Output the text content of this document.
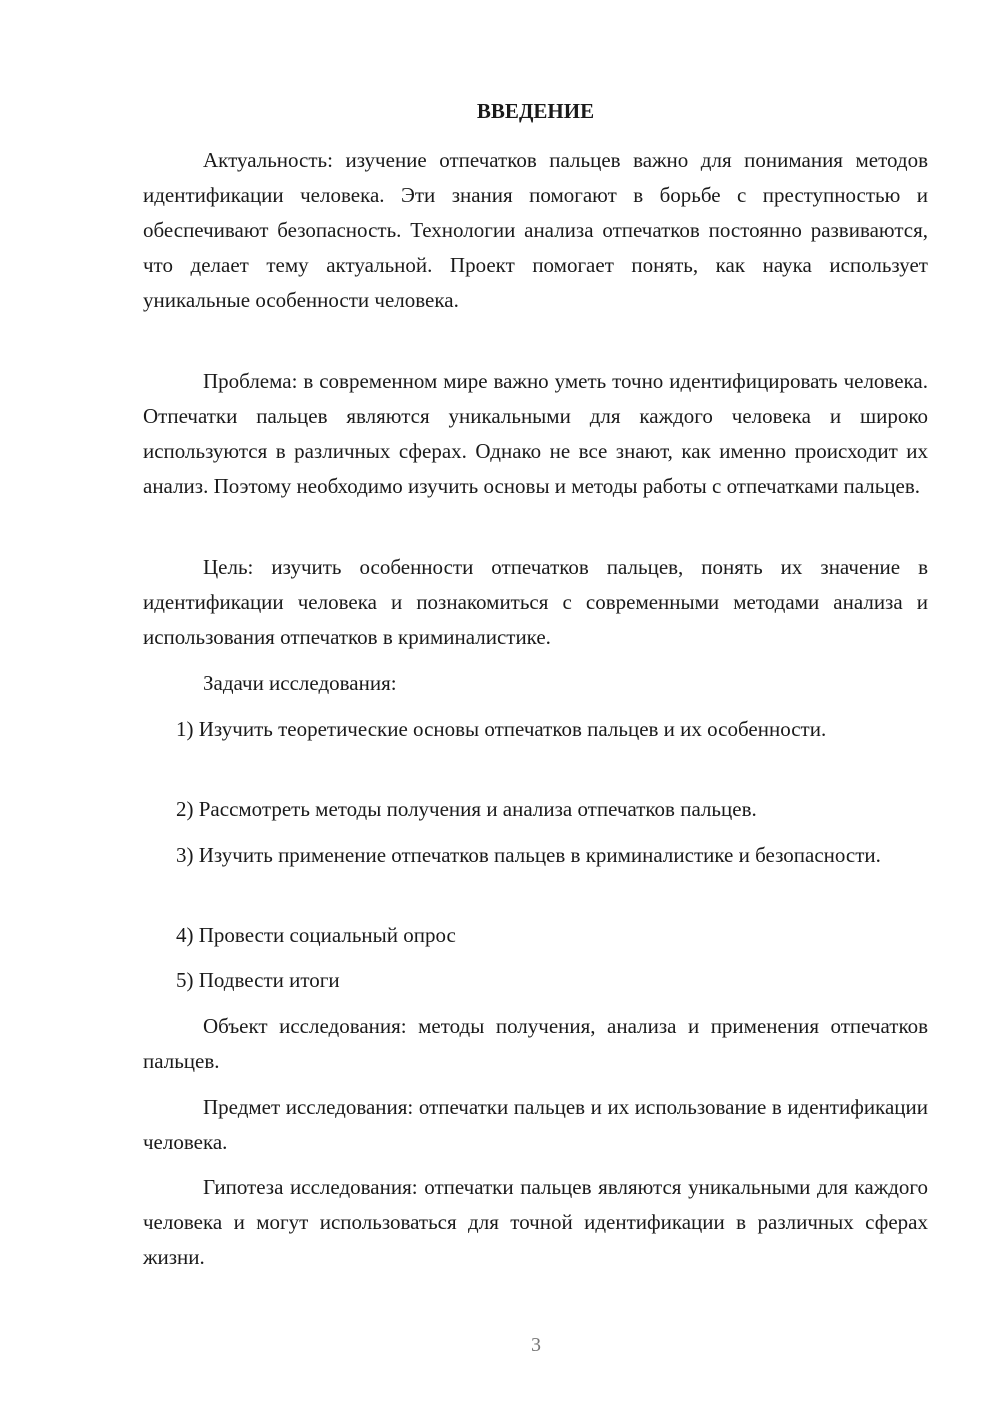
ВВЕДЕНИЕ

Актуальность: изучение отпечатков пальцев важно для понимания методов идентификации человека. Эти знания помогают в борьбе с преступностью и обеспечивают безопасность. Технологии анализа отпечатков постоянно развиваются, что делает тему актуальной. Проект помогает понять, как наука использует уникальные особенности человека.

Проблема: в современном мире важно уметь точно идентифицировать человека. Отпечатки пальцев являются уникальными для каждого человека и широко используются в различных сферах. Однако не все знают, как именно происходит их анализ. Поэтому необходимо изучить основы и методы работы с отпечатками пальцев.

Цель: изучить особенности отпечатков пальцев, понять их значение в идентификации человека и познакомиться с современными методами анализа и использования отпечатков в криминалистике.

Задачи исследования:

1) Изучить теоретические основы отпечатков пальцев и их особенности.

2) Рассмотреть методы получения и анализа отпечатков пальцев.

3) Изучить применение отпечатков пальцев в криминалистике и безопасности.

4) Провести социальный опрос

5) Подвести итоги

Объект исследования: методы получения, анализа и применения отпечатков пальцев.

Предмет исследования: отпечатки пальцев и их использование в идентификации человека.

Гипотеза исследования: отпечатки пальцев являются уникальными для каждого человека и могут использоваться для точной идентификации в различных сферах жизни.

3
